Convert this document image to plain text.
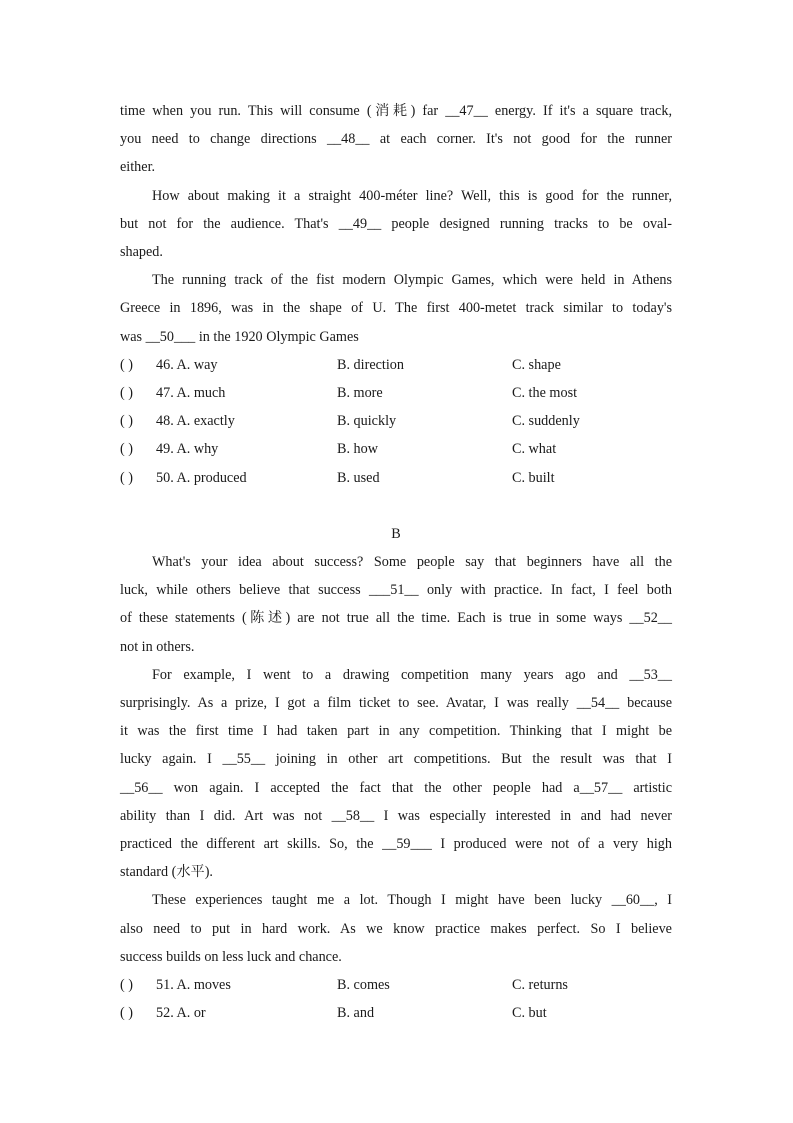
time when you run. This will consume (消耗) far __47__ energy. If it's a square track,
you need to change directions __48__ at each corner. It's not good for the runner
either.
How about making it a straight 400-méter line? Well, this is good for the runner,
but not for the audience. That's __49__ people designed running tracks to be oval-
shaped.
The running track of the fist modern Olympic Games, which were held in Athens
Greece in 1896, was in the shape of U. The first 400-metet track similar to today's
was __50___ in the 1920 Olympic Games
( ) 46. A. way	B. direction	C. shape
( ) 47. A. much	B. more	C. the most
( ) 48. A. exactly	B. quickly	C. suddenly
( ) 49. A. why	B. how	C. what
( ) 50. A. produced	B. used	C. built
B
What's your idea about success? Some people say that beginners have all the
luck, while others believe that success ___51__ only with practice. In fact, I feel both
of these statements (陈述) are not true all the time. Each is true in some ways __52__
not in others.
For example, I went to a drawing competition many years ago and __53__
surprisingly. As a prize, I got a film ticket to see. Avatar, I was really __54__ because
it was the first time I had taken part in any competition. Thinking that I might be
lucky again. I __55__ joining in other art competitions. But the result was that I
__56__ won again. I accepted the fact that the other people had a__57__ artistic
ability than I did. Art was not __58__ I was especially interested in and had never
practiced the different art skills. So, the __59___ I produced were not of a very high
standard (水平).
These experiences taught me a lot. Though I might have been lucky __60__, I
also need to put in hard work. As we know practice makes perfect. So I believe
success builds on less luck and chance.
( ) 51. A. moves	B. comes	C. returns
( ) 52. A. or	B. and	C. but
